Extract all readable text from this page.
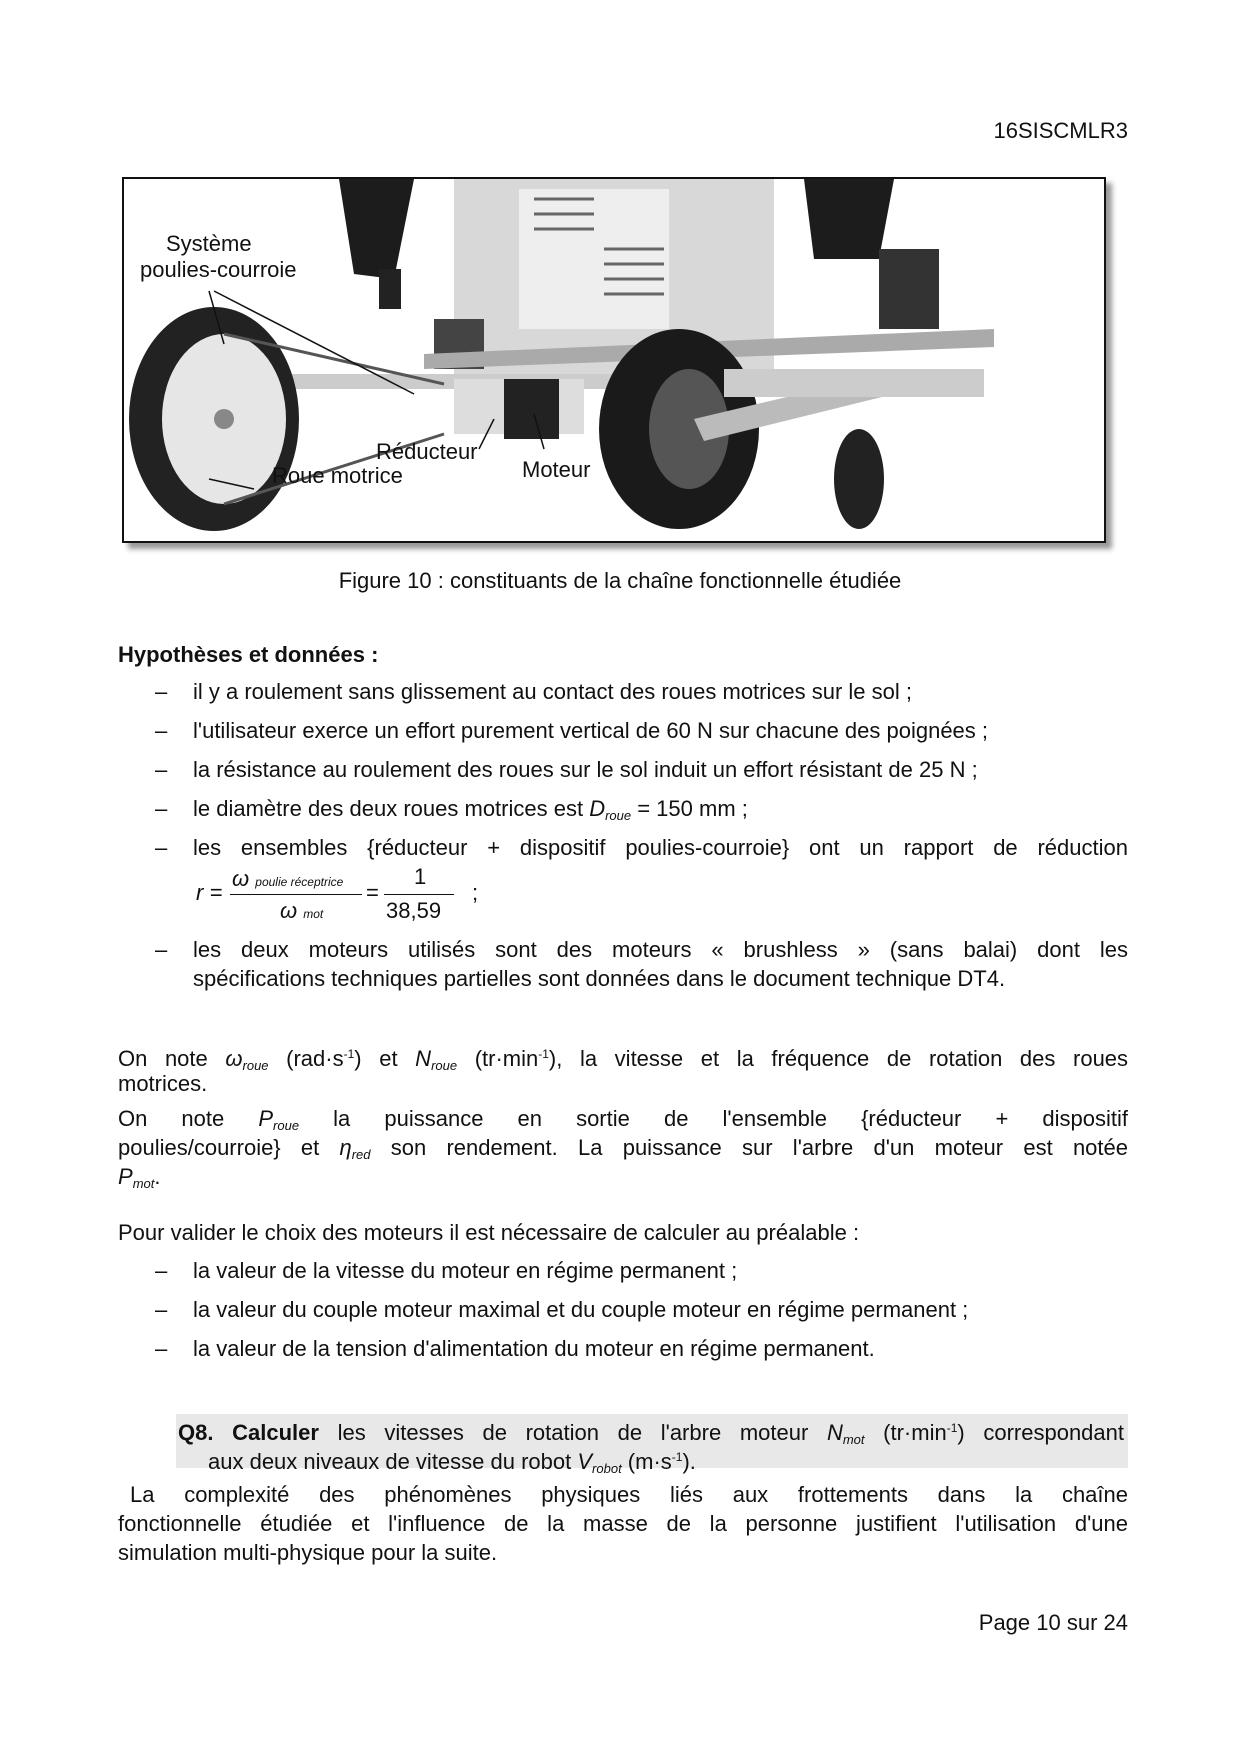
16SISCMLR3
Système
poulies-courroie
Réducteur
Roue motrice	Moteur
Figure 10 : constituants de la chaîne fonctionnelle étudiée
Hypothèses et données :
– il y a roulement sans glissement au contact des roues motrices sur le sol ;
– l'utilisateur exerce un effort purement vertical de 60 N sur chacune des poignées ;
– la résistance au roulement des roues sur le sol induit un effort résistant de 25 N ;
– le diamètre des deux roues motrices est Droue = 150 mm ;
– les ensembles {réducteur + dispositif poulies-courroie} ont un rapport de réduction
r =
ω poulie réceptrice
ω mot
=
1
38,59
;
– les deux moteurs utilisés sont des moteurs « brushless » (sans balai) dont les
spécifications techniques partielles sont données dans le document technique DT4.
On note ωroue $(rad\cdot s^{-1})$ et Nroue $(tr\cdot\min^{-1})$, la vitesse et la fréquence de rotation des roues
motrices.
On note Proue la puissance en sortie de l'ensemble {réducteur + dispositif
poulies/courroie} et ηred son rendement. La puissance sur l'arbre d'un moteur est notée
Pmot.
Pour valider le choix des moteurs il est nécessaire de calculer au préalable :
– la valeur de la vitesse du moteur en régime permanent ;
– la valeur du couple moteur maximal et du couple moteur en régime permanent ;
– la valeur de la tension d'alimentation du moteur en régime permanent.
Q8. Calculer les vitesses de rotation de l'arbre moteur Nmot $(tr\cdot\min^{-1})$ correspondant
aux deux niveaux de vitesse du robot Vrobot $(m\cdot s^{-1})$.
La complexité des phénomènes physiques liés aux frottements dans la chaîne
fonctionnelle étudiée et l'influence de la masse de la personne justifient l'utilisation d'une
simulation multi-physique pour la suite.
Page 10 sur 24
